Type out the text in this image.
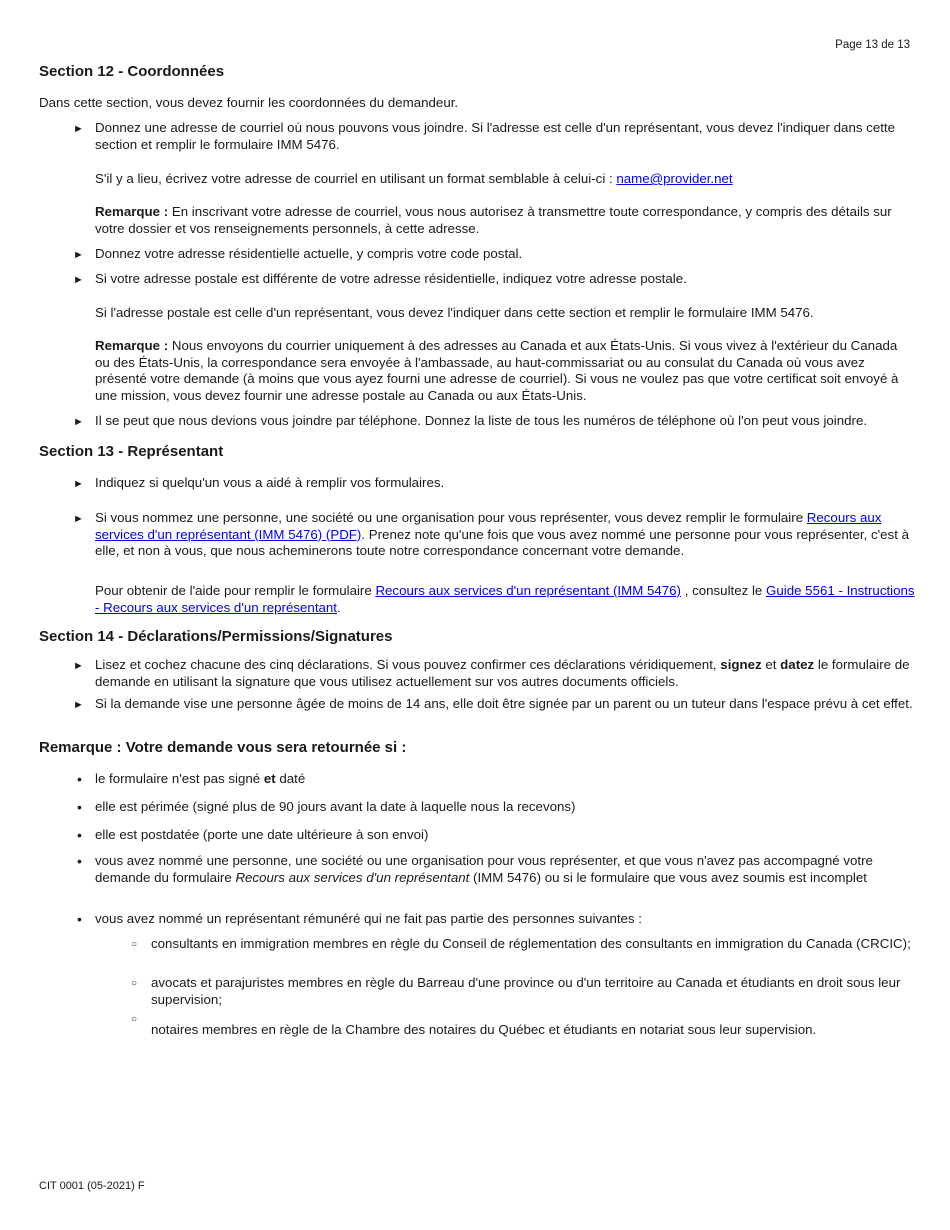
Page 13 de 13
Section 12 - Coordonnées
Dans cette section, vous devez fournir les coordonnées du demandeur.
► Donnez une adresse de courriel où nous pouvons vous joindre. Si l'adresse est celle d'un représentant, vous devez l'indiquer dans cette section et remplir le formulaire IMM 5476.
S'il y a lieu, écrivez votre adresse de courriel en utilisant un format semblable à celui-ci : name@provider.net
Remarque : En inscrivant votre adresse de courriel, vous nous autorisez à transmettre toute correspondance, y compris des détails sur votre dossier et vos renseignements personnels, à cette adresse.
► Donnez votre adresse résidentielle actuelle, y compris votre code postal.
► Si votre adresse postale est différente de votre adresse résidentielle, indiquez votre adresse postale.
Si l'adresse postale est celle d'un représentant, vous devez l'indiquer dans cette section et remplir le formulaire IMM 5476.
Remarque : Nous envoyons du courrier uniquement à des adresses au Canada et aux États-Unis. Si vous vivez à l'extérieur du Canada ou des États-Unis, la correspondance sera envoyée à l'ambassade, au haut-commissariat ou au consulat du Canada où vous avez présenté votre demande (à moins que vous ayez fourni une adresse de courriel). Si vous ne voulez pas que votre certificat soit envoyé à une mission, vous devez fournir une adresse postale au Canada ou aux États-Unis.
► Il se peut que nous devions vous joindre par téléphone. Donnez la liste de tous les numéros de téléphone où l'on peut vous joindre.
Section 13 - Représentant
► Indiquez si quelqu'un vous a aidé à remplir vos formulaires.
► Si vous nommez une personne, une société ou une organisation pour vous représenter, vous devez remplir le formulaire Recours aux services d'un représentant (IMM 5476) (PDF). Prenez note qu'une fois que vous avez nommé une personne pour vous représenter, c'est à elle, et non à vous, que nous acheminerons toute notre correspondance concernant votre demande.
Pour obtenir de l'aide pour remplir le formulaire Recours aux services d'un représentant (IMM 5476) , consultez le Guide 5561 - Instructions - Recours aux services d'un représentant.
Section 14 - Déclarations/Permissions/Signatures
► Lisez et cochez chacune des cinq déclarations. Si vous pouvez confirmer ces déclarations véridiquement, signez et datez le formulaire de demande en utilisant la signature que vous utilisez actuellement sur vos autres documents officiels.
► Si la demande vise une personne âgée de moins de 14 ans, elle doit être signée par un parent ou un tuteur dans l'espace prévu à cet effet.
Remarque : Votre demande vous sera retournée si :
• le formulaire n'est pas signé et daté
• elle est périmée (signé plus de 90 jours avant la date à laquelle nous la recevons)
• elle est postdatée (porte une date ultérieure à son envoi)
• vous avez nommé une personne, une société ou une organisation pour vous représenter, et que vous n'avez pas accompagné votre demande du formulaire Recours aux services d'un représentant (IMM 5476) ou si le formulaire que vous avez soumis est incomplet
• vous avez nommé un représentant rémunéré qui ne fait pas partie des personnes suivantes :
○ consultants en immigration membres en règle du Conseil de réglementation des consultants en immigration du Canada (CRCIC);
○ avocats et parajuristes membres en règle du Barreau d'une province ou d'un territoire au Canada et étudiants en droit sous leur supervision;
○
notaires membres en règle de la Chambre des notaires du Québec et étudiants en notariat sous leur supervision.
CIT 0001 (05-2021) F
